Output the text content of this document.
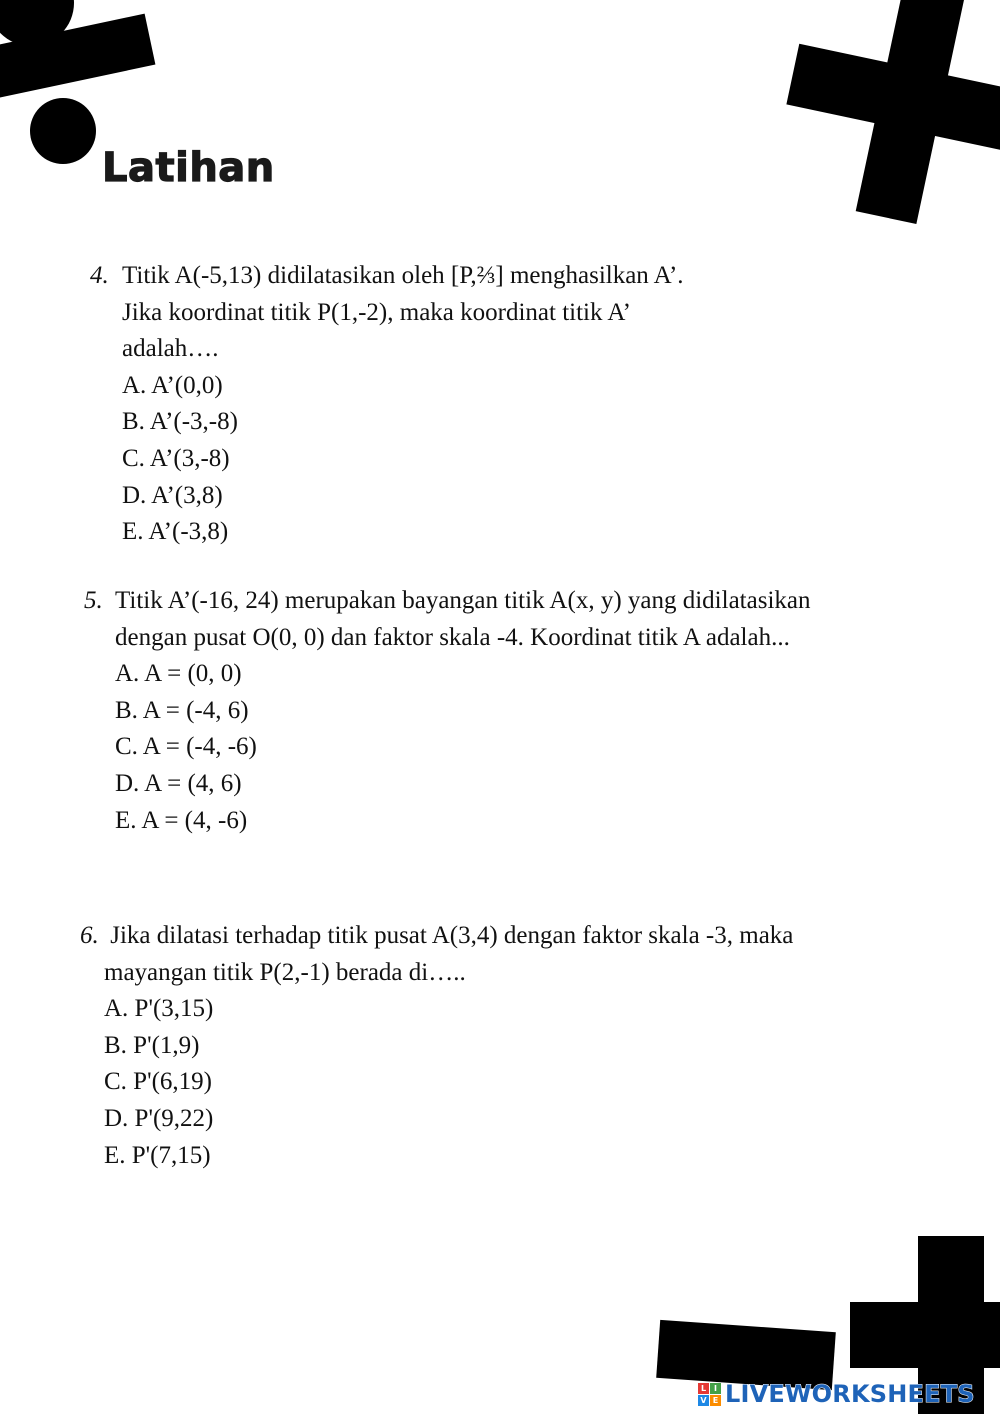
Latihan
4. Titik A(-5,13) didilatasikan oleh [P,⅔] menghasilkan A’.
Jika koordinat titik P(1,-2), maka koordinat titik A’
adalah….
A. A’(0,0)
B. A’(-3,-8)
C. A’(3,-8)
D. A’(3,8)
E. A’(-3,8)
5. Titik A’(-16, 24) merupakan bayangan titik A(x, y) yang didilatasikan
dengan pusat O(0, 0) dan faktor skala -4. Koordinat titik A adalah...
A. A = (0, 0)
B. A = (-4, 6)
C. A = (-4, -6)
D. A = (4, 6)
E. A = (4, -6)
6. Jika dilatasi terhadap titik pusat A(3,4) dengan faktor skala -3, maka
mayangan titik P(2,-1) berada di…..
A. P'(3,15)
B. P'(1,9)
C. P'(6,19)
D. P'(9,22)
E. P'(7,15)
L I
V E LIVEWORKSHEETS
